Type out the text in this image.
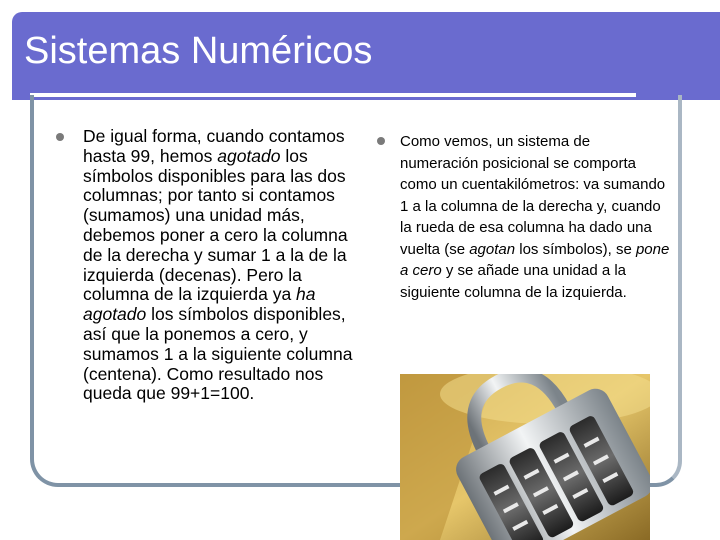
Sistemas Numéricos
De igual forma, cuando contamos hasta 99, hemos agotado los símbolos disponibles para las dos columnas; por tanto si contamos (sumamos) una unidad más, debemos poner a cero la columna de la derecha y sumar 1 a la de la izquierda (decenas). Pero la columna de la izquierda ya ha agotado los símbolos disponibles, así que la ponemos a cero, y sumamos 1 a la siguiente columna (centena). Como resultado nos queda que 99+1=100.
Como vemos, un sistema de numeración posicional se comporta como un cuentakilómetros: va sumando 1 a la columna de la derecha y, cuando la rueda de esa columna ha dado una vuelta (se agotan los símbolos), se pone a cero y se añade una unidad a la siguiente columna de la izquierda.
